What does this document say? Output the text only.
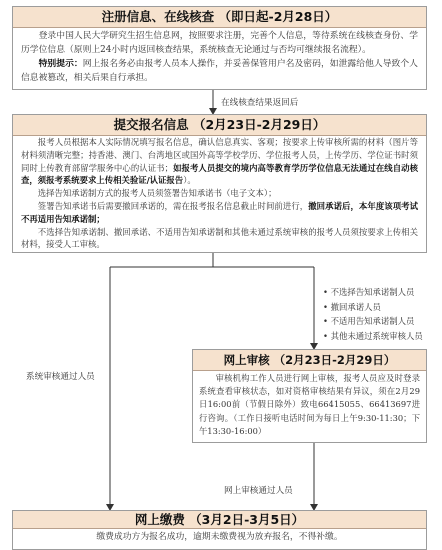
注册信息、在线核查 （即日起-2月28日）

登录中国人民大学研究生招生信息网，按照要求注册，完善个人信息，等待系统在线核查身份、学历学位信息（原则上24小时内返回核查结果，系统核查无论通过与否均可继续报名流程）。

特别提示：网上报名务必由报考人员本人操作，并妥善保管用户名及密码，如泄露给他人导致个人信息被篡改，相关后果自行承担。

在线核查结果返回后
提交报名信息 （2月23日-2月29日）

报考人员根据本人实际情况填写报名信息，确认信息真实、客观；按要求上传审核所需的材料（图片等材料须清晰完整；持香港、澳门、台湾地区或国外高等学校学历、学位报考人员，上传学历、学位证书时须同时上传教育部留学服务中心的认证书；如报考人员提交的境内高等教育学历学位信息无法通过在线自动核查，须报考系统要求上传相关验证/认证报告）。

选择告知承诺制方式的报考人员须签署告知承诺书（电子文本）；

签署告知承诺书后需要撤回承诺的，需在报考报名信息截止时间前进行，撤回承诺后，本年度该项考试不再适用告知承诺制；

不选择告知承诺制、撤回承诺、不适用告知承诺制和其他未通过系统审核的报考人员须按要求上传相关材料，接受人工审核。

• 不选择告知承诺制人员
• 撤回承诺人员
• 不适用告知承诺制人员
• 其他未通过系统审核人员
系统审核通过人员
网上审核 （2月23日-2月29日）

审核机构工作人员进行网上审核，报考人员应及时登录系统查看审核状态，如对资格审核结果有异议，须在2月29日16:00前（节假日除外）致电66415055、66413697进行咨询。（工作日接听电话时间为每日上午9:30-11:30；下午13:30-16:00）

网上审核通过人员
网上缴费 （3月2日-3月5日）
缴费成功方为报名成功，逾期未缴费视为放弃报名，不得补缴。
